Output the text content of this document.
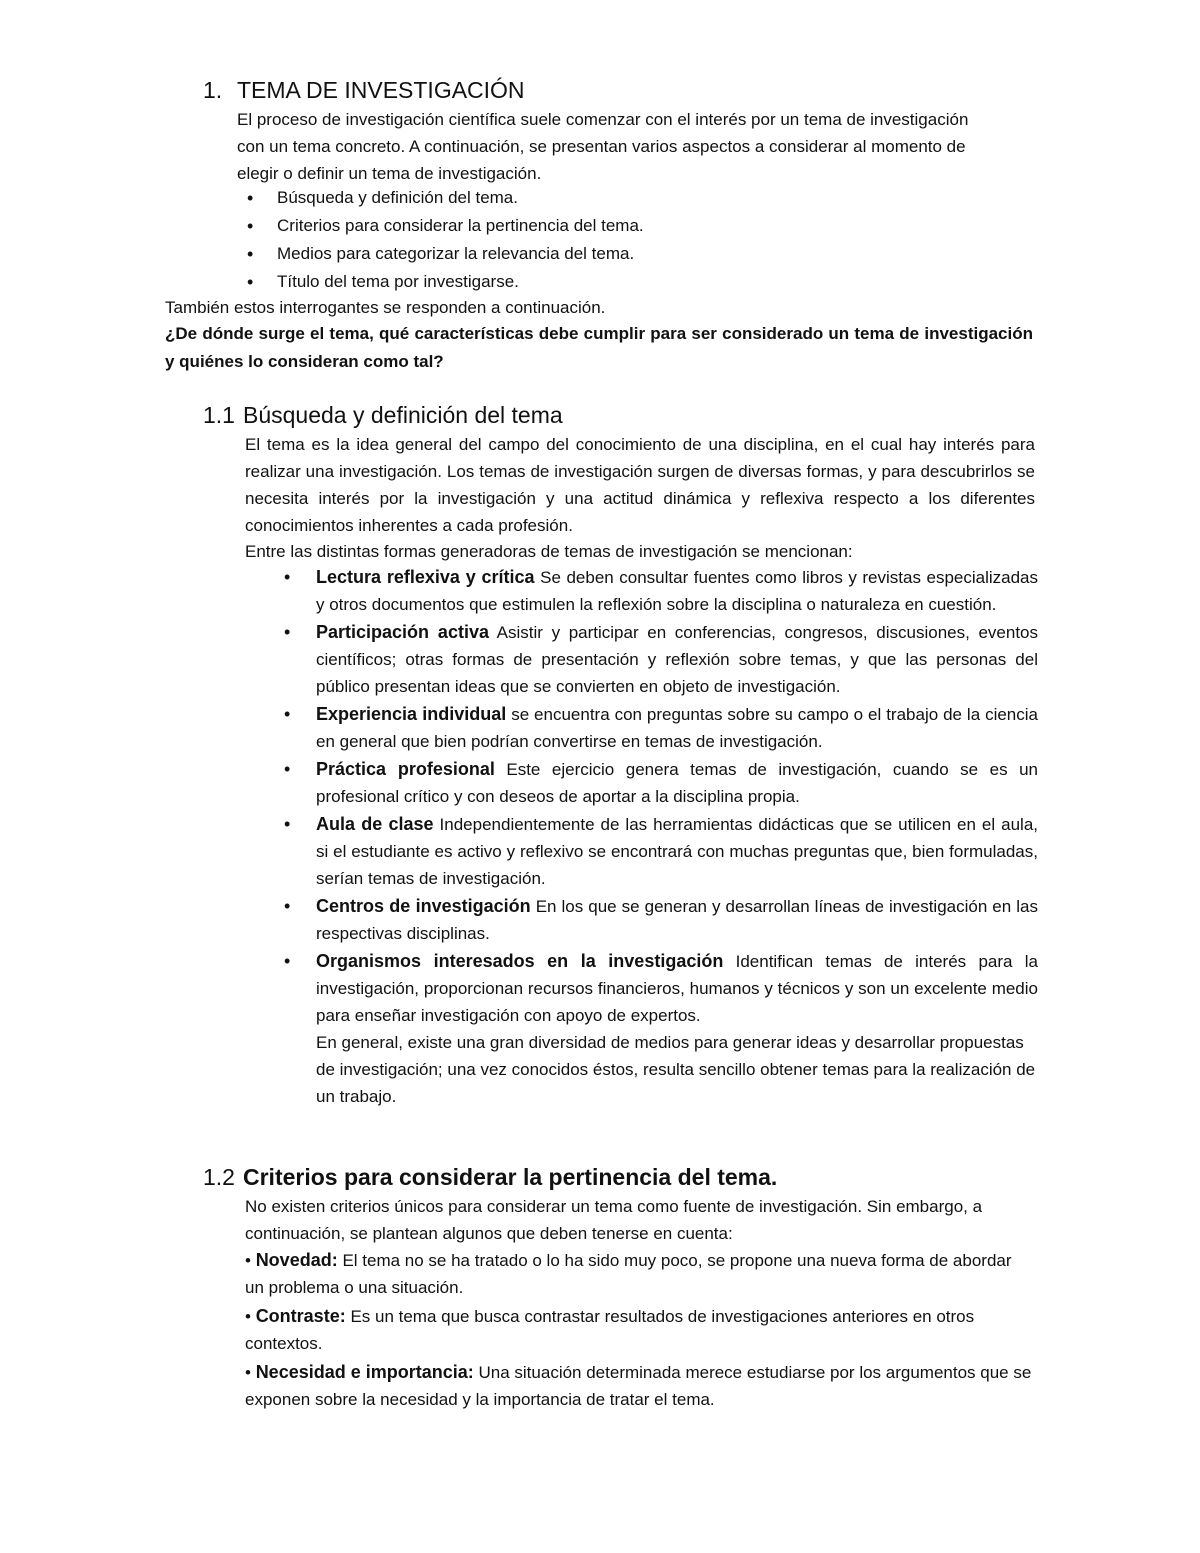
1. TEMA DE INVESTIGACIÓN

El proceso de investigación científica suele comenzar con el interés por un tema de investigación con un tema concreto. A continuación, se presentan varios aspectos a considerar al momento de elegir o definir un tema de investigación.

• Búsqueda y definición del tema.
• Criterios para considerar la pertinencia del tema.
• Medios para categorizar la relevancia del tema.
• Título del tema por investigarse.

También estos interrogantes se responden a continuación.

¿De dónde surge el tema, qué características debe cumplir para ser considerado un tema de investigación y quiénes lo consideran como tal?
1.1 Búsqueda y definición del tema

El tema es la idea general del campo del conocimiento de una disciplina, en el cual hay interés para realizar una investigación. Los temas de investigación surgen de diversas formas, y para descubrirlos se necesita interés por la investigación y una actitud dinámica y reflexiva respecto a los diferentes conocimientos inherentes a cada profesión.

Entre las distintas formas generadoras de temas de investigación se mencionan:

• Lectura reflexiva y crítica Se deben consultar fuentes como libros y revistas especializadas y otros documentos que estimulen la reflexión sobre la disciplina o naturaleza en cuestión.
• Participación activa Asistir y participar en conferencias, congresos, discusiones, eventos científicos; otras formas de presentación y reflexión sobre temas, y que las personas del público presentan ideas que se convierten en objeto de investigación.
• Experiencia individual se encuentra con preguntas sobre su campo o el trabajo de la ciencia en general que bien podrían convertirse en temas de investigación.
• Práctica profesional Este ejercicio genera temas de investigación, cuando se es un profesional crítico y con deseos de aportar a la disciplina propia.
• Aula de clase Independientemente de las herramientas didácticas que se utilicen en el aula, si el estudiante es activo y reflexivo se encontrará con muchas preguntas que, bien formuladas, serían temas de investigación.
• Centros de investigación En los que se generan y desarrollan líneas de investigación en las respectivas disciplinas.
• Organismos interesados en la investigación Identifican temas de interés para la investigación, proporcionan recursos financieros, humanos y técnicos y son un excelente medio para enseñar investigación con apoyo de expertos.
En general, existe una gran diversidad de medios para generar ideas y desarrollar propuestas de investigación; una vez conocidos éstos, resulta sencillo obtener temas para la realización de un trabajo.
1.2 Criterios para considerar la pertinencia del tema.

No existen criterios únicos para considerar un tema como fuente de investigación. Sin embargo, a continuación, se plantean algunos que deben tenerse en cuenta:

• Novedad: El tema no se ha tratado o lo ha sido muy poco, se propone una nueva forma de abordar un problema o una situación.
• Contraste: Es un tema que busca contrastar resultados de investigaciones anteriores en otros contextos.
• Necesidad e importancia: Una situación determinada merece estudiarse por los argumentos que se exponen sobre la necesidad y la importancia de tratar el tema.
